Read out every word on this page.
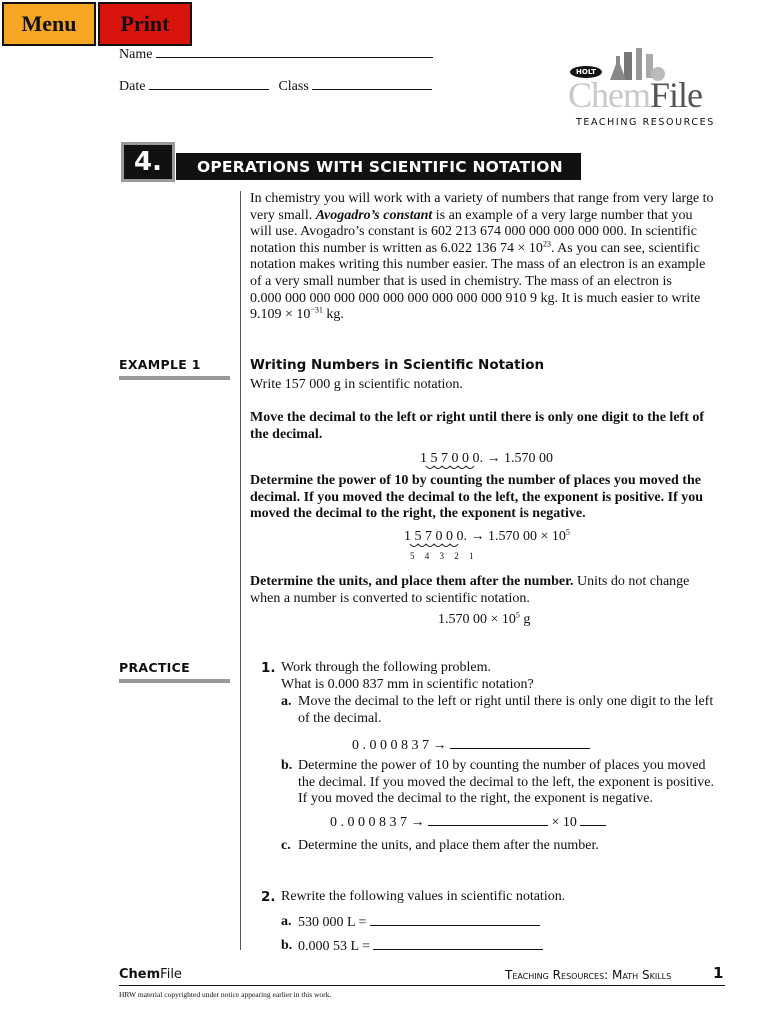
Menu	Print
Name
Date	Class
HOLT
ChemFile
TEACHING RESOURCES
4.	OPERATIONS WITH SCIENTIFIC NOTATION
In chemistry you will work with a variety of numbers that range from very large to
very small. Avogadro’s constant is an example of a very large number that you
will use. Avogadro’s constant is 602 213 674 000 000 000 000 000. In scientific
notation this number is written as 6.022 136 $74 \times 10^{23}$. As you can see, scientific
notation makes writing this number easier. The mass of an electron is an example
of a very small number that is used in chemistry. The mass of an electron is
0.000 000 000 000 000 000 000 000 000 000 910 9 kg. It is much easier to write
$9.109 \times 10^{-31}$ kg.
EXAMPLE 1	Writing Numbers in Scientific Notation
Write 157 000 g in scientific notation.
Move the decimal to the left or right until there is only one digit to the left of
the decimal.
1 5 7 0 0 0. → 1.570 00
Determine the power of 10 by counting the number of places you moved the
decimal. If you moved the decimal to the left, the exponent is positive. If you
moved the decimal to the right, the exponent is negative.
1 5 7 0 0 0. → 1.570 $00 \times 10^5$
5 4 3 2 1
Determine the units, and place them after the number. Units do not change
when a number is converted to scientific notation.
1.570 $00 \times 10^5$ g
PRACTICE	1. Work through the following problem.
What is 0.000 837 mm in scientific notation?
a. Move the decimal to the left or right until there is only one digit to the left
of the decimal.
0 . 0 0 0 8 3 7 →
b. Determine the power of 10 by counting the number of places you moved
the decimal. If you moved the decimal to the left, the exponent is positive.
If you moved the decimal to the right, the exponent is negative.
0 . 0 0 0 8 3 7 →	× 10
c. Determine the units, and place them after the number.
2. Rewrite the following values in scientific notation.
a. 530 000 L =
b. 0.000 53 L =
ChemFile	Teaching Resources: Math Skills	1
HRW material copyrighted under notice appearing earlier in this work.
